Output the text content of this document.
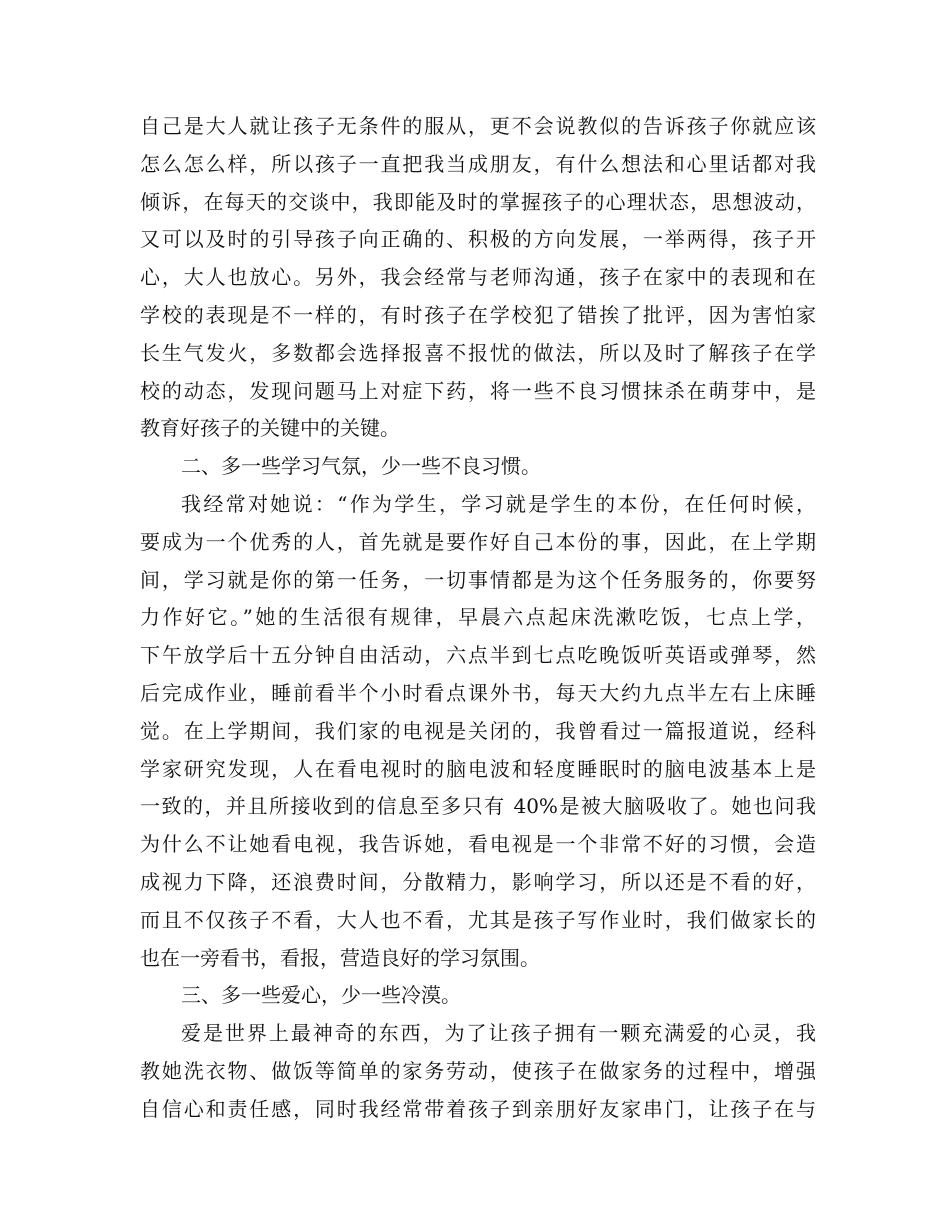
自己是大人就让孩子无条件的服从，更不会说教似的告诉孩子你就应该
怎么怎么样，所以孩子一直把我当成朋友，有什么想法和心里话都对我
倾诉，在每天的交谈中，我即能及时的掌握孩子的心理状态，思想波动，
又可以及时的引导孩子向正确的、积极的方向发展，一举两得，孩子开
心，大人也放心。另外，我会经常与老师沟通，孩子在家中的表现和在
学校的表现是不一样的，有时孩子在学校犯了错挨了批评，因为害怕家
长生气发火，多数都会选择报喜不报忧的做法，所以及时了解孩子在学
校的动态，发现问题马上对症下药，将一些不良习惯抹杀在萌芽中，是
教育好孩子的关键中的关键。
二、多一些学习气氛，少一些不良习惯。
我经常对她说：“作为学生，学习就是学生的本份，在任何时候，
要成为一个优秀的人，首先就是要作好自己本份的事，因此，在上学期
间，学习就是你的第一任务，一切事情都是为这个任务服务的，你要努
力作好它。”她的生活很有规律，早晨六点起床洗漱吃饭，七点上学，
下午放学后十五分钟自由活动，六点半到七点吃晚饭听英语或弹琴，然
后完成作业，睡前看半个小时看点课外书，每天大约九点半左右上床睡
觉。在上学期间，我们家的电视是关闭的，我曾看过一篇报道说，经科
学家研究发现，人在看电视时的脑电波和轻度睡眠时的脑电波基本上是
一致的，并且所接收到的信息至多只有 40%是被大脑吸收了。她也问我
为什么不让她看电视，我告诉她，看电视是一个非常不好的习惯，会造
成视力下降，还浪费时间，分散精力，影响学习，所以还是不看的好，
而且不仅孩子不看，大人也不看，尤其是孩子写作业时，我们做家长的
也在一旁看书，看报，营造良好的学习氛围。
三、多一些爱心，少一些冷漠。
爱是世界上最神奇的东西，为了让孩子拥有一颗充满爱的心灵，我
教她洗衣物、做饭等简单的家务劳动，使孩子在做家务的过程中，增强
自信心和责任感，同时我经常带着孩子到亲朋好友家串门，让孩子在与
